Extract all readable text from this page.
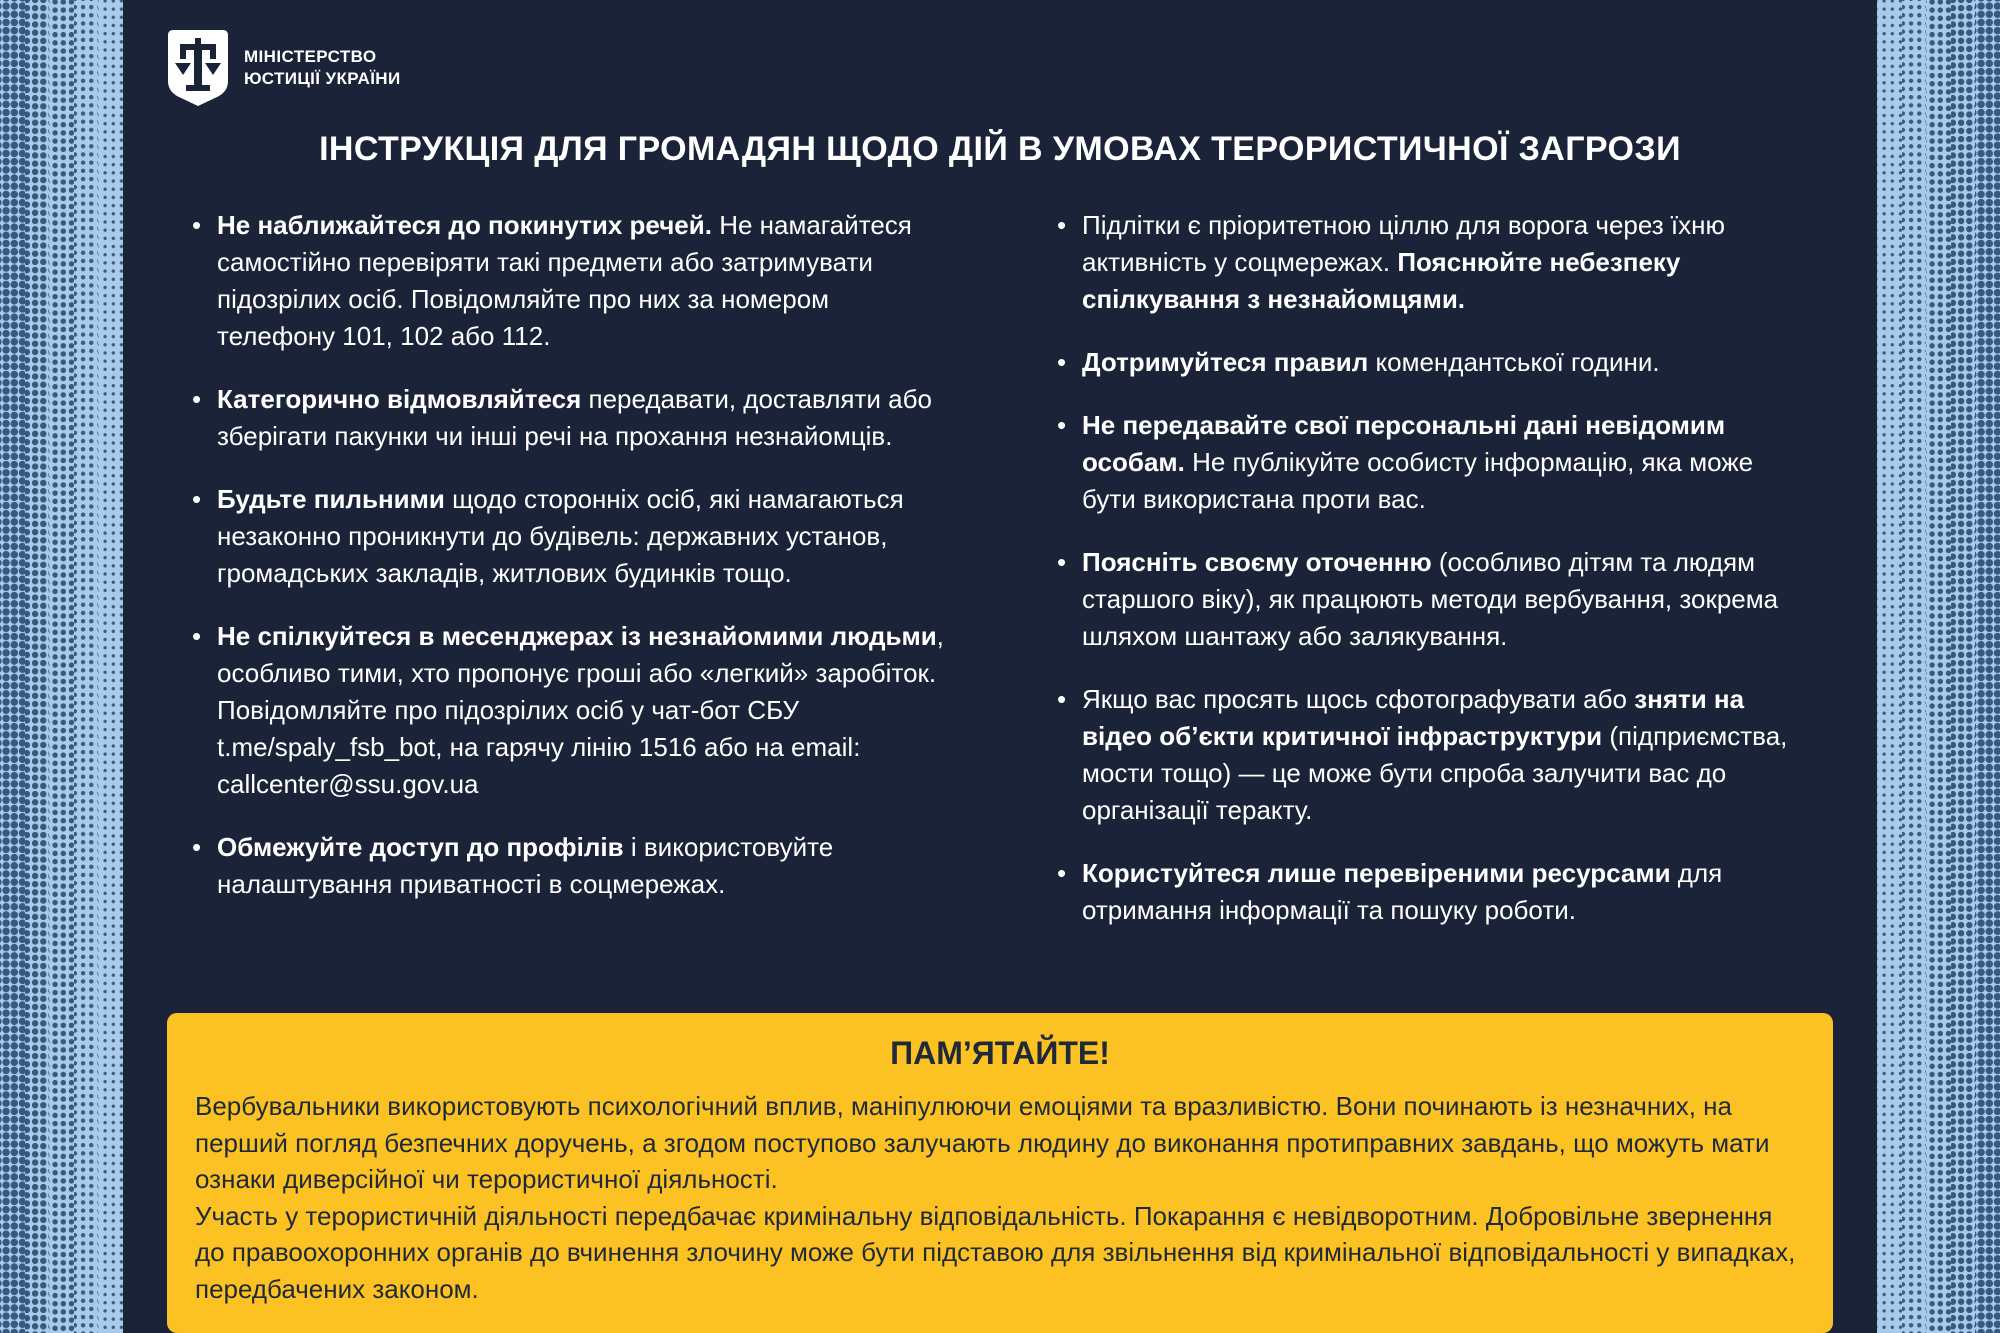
МІНІСТЕРСТВО
ЮСТИЦІЇ УКРАЇНИ
ІНСТРУКЦІЯ ДЛЯ ГРОМАДЯН ЩОДО ДІЙ В УМОВАХ ТЕРОРИСТИЧНОЇ ЗАГРОЗИ
• Не наближайтеся до покинутих речей. Не намагайтеся самостійно перевіряти такі предмети або затримувати підозрілих осіб. Повідомляйте про них за номером телефону 101, 102 або 112.
• Категорично відмовляйтеся передавати, доставляти або зберігати пакунки чи інші речі на прохання незнайомців.
• Будьте пильними щодо сторонніх осіб, які намагаються незаконно проникнути до будівель: державних установ, громадських закладів, житлових будинків тощо.
• Не спілкуйтеся в месенджерах із незнайомими людьми, особливо тими, хто пропонує гроші або «легкий» заробіток. Повідомляйте про підозрілих осіб у чат-бот СБУ t.me/spaly_fsb_bot, на гарячу лінію 1516 або на email: callcenter@ssu.gov.ua
• Обмежуйте доступ до профілів і використовуйте налаштування приватності в соцмережах.
• Підлітки є пріоритетною ціллю для ворога через їхню активність у соцмережах. Пояснюйте небезпеку спілкування з незнайомцями.
• Дотримуйтеся правил комендантської години.
• Не передавайте свої персональні дані невідомим особам. Не публікуйте особисту інформацію, яка може бути використана проти вас.
• Поясніть своєму оточенню (особливо дітям та людям старшого віку), як працюють методи вербування, зокрема шляхом шантажу або залякування.
• Якщо вас просять щось сфотографувати або зняти на відео об’єкти критичної інфраструктури (підприємства, мости тощо) — це може бути спроба залучити вас до організації теракту.
• Користуйтеся лише перевіреними ресурсами для отримання інформації та пошуку роботи.
ПАМ’ЯТАЙТЕ!

Вербувальники використовують психологічний вплив, маніпулюючи емоціями та вразливістю. Вони починають із незначних, на перший погляд безпечних доручень, а згодом поступово залучають людину до виконання протиправних завдань, що можуть мати ознаки диверсійної чи терористичної діяльності.

Участь у терористичній діяльності передбачає кримінальну відповідальність. Покарання є невідворотним. Добровільне звернення до правоохоронних органів до вчинення злочину може бути підставою для звільнення від кримінальної відповідальності у випадках, передбачених законом.
